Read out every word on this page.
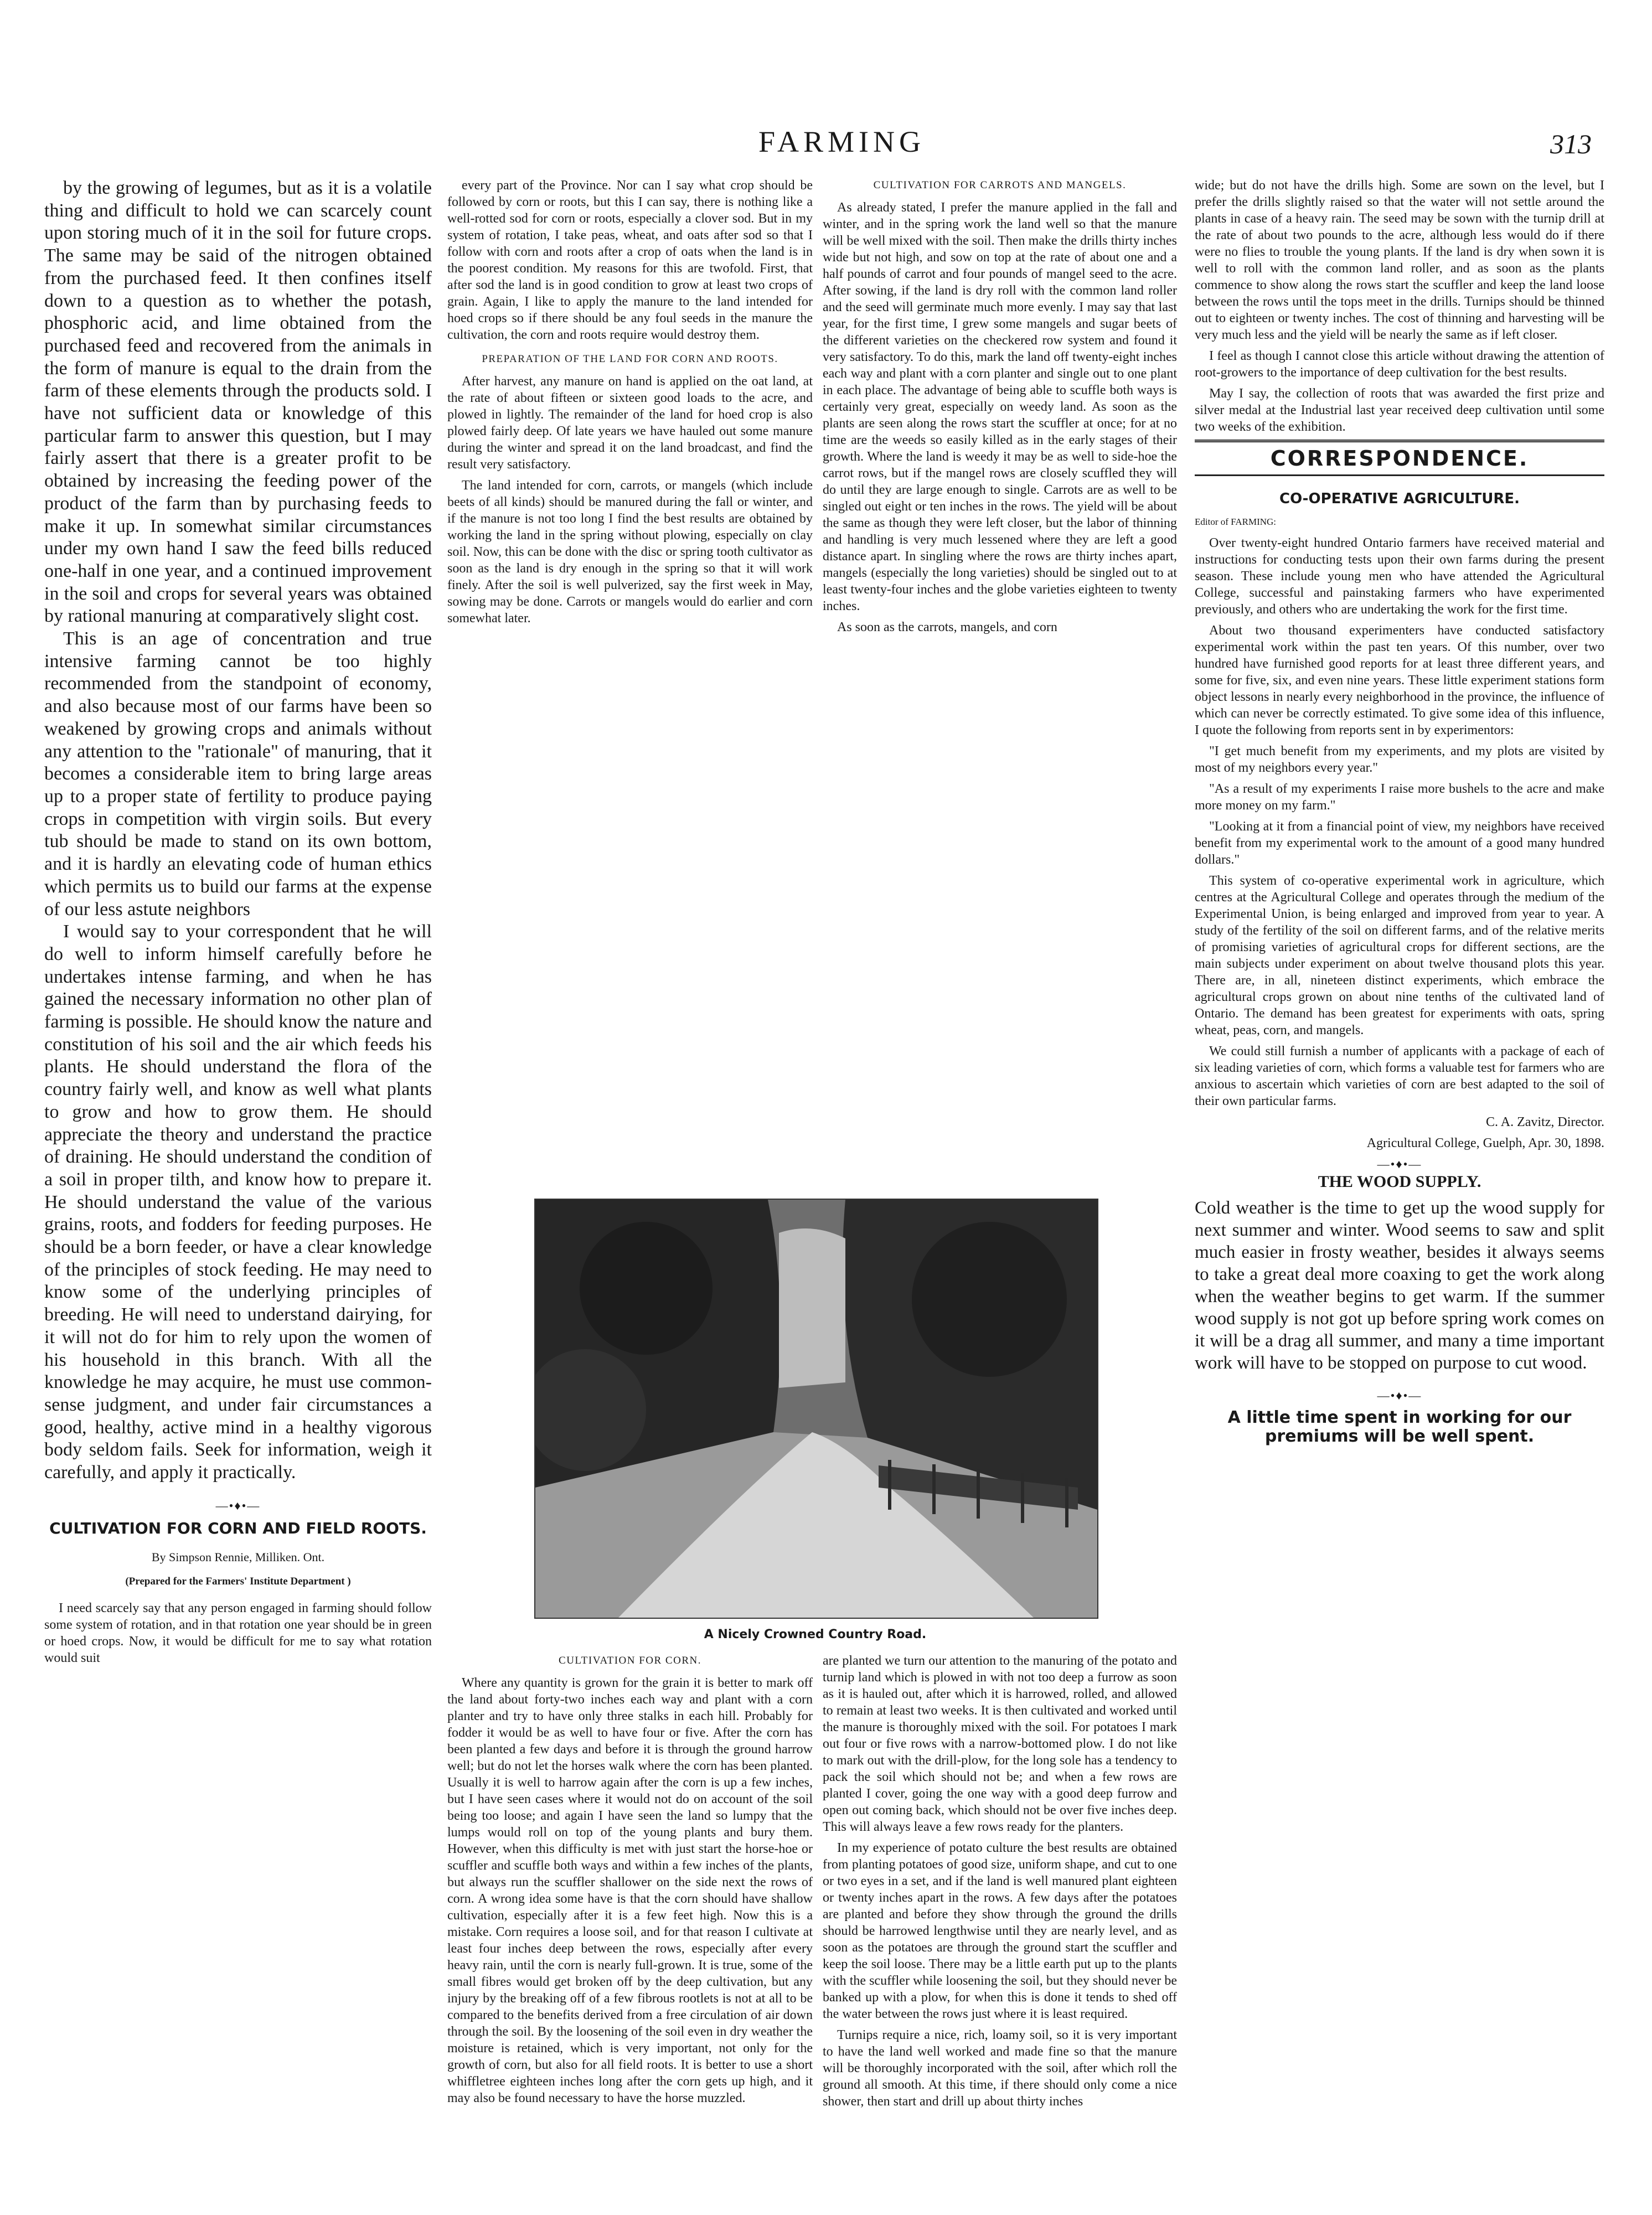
FARMING	313

by the growing of legumes, but as it is a volatile thing and difficult to hold we can scarcely count upon storing much of it in the soil for future crops. The same may be said of the nitrogen obtained from the purchased feed. It then confines itself down to a question as to whether the potash, phosphoric acid, and lime obtained from the purchased feed and recovered from the animals in the form of manure is equal to the drain from the farm of these elements through the products sold. I have not sufficient data or knowledge of this particular farm to answer this question, but I may fairly assert that there is a greater profit to be obtained by increasing the feeding power of the product of the farm than by purchasing feeds to make it up. In somewhat similar circumstances under my own hand I saw the feed bills reduced one-half in one year, and a continued improvement in the soil and crops for several years was obtained by rational manuring at comparatively slight cost.

This is an age of concentration and true intensive farming cannot be too highly recommended from the standpoint of economy, and also because most of our farms have been so weakened by growing crops and animals without any attention to the "rationale" of manuring, that it becomes a considerable item to bring large areas up to a proper state of fertility to produce paying crops in competition with virgin soils. But every tub should be made to stand on its own bottom, and it is hardly an elevating code of human ethics which permits us to build our farms at the expense of our less astute neighbors

I would say to your correspondent that he will do well to inform himself carefully before he undertakes intense farming, and when he has gained the necessary information no other plan of farming is possible. He should know the nature and constitution of his soil and the air which feeds his plants. He should understand the flora of the country fairly well, and know as well what plants to grow and how to grow them. He should appreciate the theory and understand the practice of draining. He should understand the condition of a soil in proper tilth, and know how to prepare it. He should understand the value of the various grains, roots, and fodders for feeding purposes. He should be a born feeder, or have a clear knowledge of the principles of stock feeding. He may need to know some of the underlying principles of breeding. He will need to understand dairying, for it will not do for him to rely upon the women of his household in this branch. With all the knowledge he may acquire, he must use common-sense judgment, and under fair circumstances a good, healthy, active mind in a healthy vigorous body seldom fails. Seek for information, weigh it carefully, and apply it practically.

—•♦•—
CULTIVATION FOR CORN AND FIELD ROOTS.
By Simpson Rennie, Milliken. Ont.
(Prepared for the Farmers' Institute Department )
I need scarcely say that any person engaged in farming should follow some system of rotation, and in that rotation one year should be in green or hoed crops. Now, it would be difficult for me to say what rotation would suit

every part of the Province. Nor can I say what crop should be followed by corn or roots, but this I can say, there is nothing like a well-rotted sod for corn or roots, especially a clover sod. But in my system of rotation, I take peas, wheat, and oats after sod so that I follow with corn and roots after a crop of oats when the land is in the poorest condition. My reasons for this are twofold. First, that after sod the land is in good condition to grow at least two crops of grain. Again, I like to apply the manure to the land intended for hoed crops so if there should be any foul seeds in the manure the cultivation, the corn and roots require would destroy them.

PREPARATION OF THE LAND FOR CORN AND ROOTS.

After harvest, any manure on hand is applied on the oat land, at the rate of about fifteen or sixteen good loads to the acre, and plowed in lightly. The remainder of the land for hoed crop is also plowed fairly deep. Of late years we have hauled out some manure during the winter and spread it on the land broadcast, and find the result very satisfactory.

The land intended for corn, carrots, or mangels (which include beets of all kinds) should be manured during the fall or winter, and if the manure is not too long I find the best results are obtained by working the land in the spring without plowing, especially on clay soil. Now, this can be done with the disc or spring tooth cultivator as soon as the land is dry enough in the spring so that it will work finely. After the soil is well pulverized, say the first week in May, sowing may be done. Carrots or mangels would do earlier and corn somewhat later.

CULTIVATION FOR CARROTS AND MANGELS.

As already stated, I prefer the manure applied in the fall and winter, and in the spring work the land well so that the manure will be well mixed with the soil. Then make the drills thirty inches wide but not high, and sow on top at the rate of about one and a half pounds of carrot and four pounds of mangel seed to the acre. After sowing, if the land is dry roll with the common land roller and the seed will germinate much more evenly. I may say that last year, for the first time, I grew some mangels and sugar beets of the different varieties on the checkered row system and found it very satisfactory. To do this, mark the land off twenty-eight inches each way and plant with a corn planter and single out to one plant in each place. The advantage of being able to scuffle both ways is certainly very great, especially on weedy land. As soon as the plants are seen along the rows start the scuffler at once; for at no time are the weeds so easily killed as in the early stages of their growth. Where the land is weedy it may be as well to side-hoe the carrot rows, but if the mangel rows are closely scuffled they will do until they are large enough to single. Carrots are as well to be singled out eight or ten inches in the rows. The yield will be about the same as though they were left closer, but the labor of thinning and handling is very much lessened where they are left a good distance apart. In singling where the rows are thirty inches apart, mangels (especially the long varieties) should be singled out to at least twenty-four inches and the globe varieties eighteen to twenty inches.

As soon as the carrots, mangels, and corn

A Nicely Crowned Country Road.
CULTIVATION FOR CORN.

Where any quantity is grown for the grain it is better to mark off the land about forty-two inches each way and plant with a corn planter and try to have only three stalks in each hill. Probably for fodder it would be as well to have four or five. After the corn has been planted a few days and before it is through the ground harrow well; but do not let the horses walk where the corn has been planted. Usually it is well to harrow again after the corn is up a few inches, but I have seen cases where it would not do on account of the soil being too loose; and again I have seen the land so lumpy that the lumps would roll on top of the young plants and bury them. However, when this difficulty is met with just start the horse-hoe or scuffler and scuffle both ways and within a few inches of the plants, but always run the scuffler shallower on the side next the rows of corn. A wrong idea some have is that the corn should have shallow cultivation, especially after it is a few feet high. Now this is a mistake. Corn requires a loose soil, and for that reason I cultivate at least four inches deep between the rows, especially after every heavy rain, until the corn is nearly full-grown. It is true, some of the small fibres would get broken off by the deep cultivation, but any injury by the breaking off of a few fibrous rootlets is not at all to be compared to the benefits derived from a free circulation of air down through the soil. By the loosening of the soil even in dry weather the moisture is retained, which is very important, not only for the growth of corn, but also for all field roots. It is better to use a short whiffletree eighteen inches long after the corn gets up high, and it may also be found necessary to have the horse muzzled.

are planted we turn our attention to the manuring of the potato and turnip land which is plowed in with not too deep a furrow as soon as it is hauled out, after which it is harrowed, rolled, and allowed to remain at least two weeks. It is then cultivated and worked until the manure is thoroughly mixed with the soil. For potatoes I mark out four or five rows with a narrow-bottomed plow. I do not like to mark out with the drill-plow, for the long sole has a tendency to pack the soil which should not be; and when a few rows are planted I cover, going the one way with a good deep furrow and open out coming back, which should not be over five inches deep. This will always leave a few rows ready for the planters.

In my experience of potato culture the best results are obtained from planting potatoes of good size, uniform shape, and cut to one or two eyes in a set, and if the land is well manured plant eighteen or twenty inches apart in the rows. A few days after the potatoes are planted and before they show through the ground the drills should be harrowed lengthwise until they are nearly level, and as soon as the potatoes are through the ground start the scuffler and keep the soil loose. There may be a little earth put up to the plants with the scuffler while loosening the soil, but they should never be banked up with a plow, for when this is done it tends to shed off the water between the rows just where it is least required.

Turnips require a nice, rich, loamy soil, so it is very important to have the land well worked and made fine so that the manure will be thoroughly incorporated with the soil, after which roll the ground all smooth. At this time, if there should only come a nice shower, then start and drill up about thirty inches

wide; but do not have the drills high. Some are sown on the level, but I prefer the drills slightly raised so that the water will not settle around the plants in case of a heavy rain. The seed may be sown with the turnip drill at the rate of about two pounds to the acre, although less would do if there were no flies to trouble the young plants. If the land is dry when sown it is well to roll with the common land roller, and as soon as the plants commence to show along the rows start the scuffler and keep the land loose between the rows until the tops meet in the drills. Turnips should be thinned out to eighteen or twenty inches. The cost of thinning and harvesting will be very much less and the yield will be nearly the same as if left closer.

I feel as though I cannot close this article without drawing the attention of root-growers to the importance of deep cultivation for the best results.

May I say, the collection of roots that was awarded the first prize and silver medal at the Industrial last year received deep cultivation until some two weeks of the exhibition.

CORRESPONDENCE.
CO-OPERATIVE AGRICULTURE.

Editor of FARMING:

Over twenty-eight hundred Ontario farmers have received material and instructions for conducting tests upon their own farms during the present season. These include young men who have attended the Agricultural College, successful and painstaking farmers who have experimented previously, and others who are undertaking the work for the first time.

About two thousand experimenters have conducted satisfactory experimental work within the past ten years. Of this number, over two hundred have furnished good reports for at least three different years, and some for five, six, and even nine years. These little experiment stations form object lessons in nearly every neighborhood in the province, the influence of which can never be correctly estimated. To give some idea of this influence, I quote the following from reports sent in by experimentors:

"I get much benefit from my experiments, and my plots are visited by most of my neighbors every year."

"As a result of my experiments I raise more bushels to the acre and make more money on my farm."

"Looking at it from a financial point of view, my neighbors have received benefit from my experimental work to the amount of a good many hundred dollars."

This system of co-operative experimental work in agriculture, which centres at the Agricultural College and operates through the medium of the Experimental Union, is being enlarged and improved from year to year. A study of the fertility of the soil on different farms, and of the relative merits of promising varieties of agricultural crops for different sections, are the main subjects under experiment on about twelve thousand plots this year. There are, in all, nineteen distinct experiments, which embrace the agricultural crops grown on about nine tenths of the cultivated land of Ontario. The demand has been greatest for experiments with oats, spring wheat, peas, corn, and mangels.

We could still furnish a number of applicants with a package of each of six leading varieties of corn, which forms a valuable test for farmers who are anxious to ascertain which varieties of corn are best adapted to the soil of their own particular farms.

C. A. Zavitz, Director.

Agricultural College, Guelph, Apr. 30, 1898.

—•♦•—
THE WOOD SUPPLY.
Cold weather is the time to get up the wood supply for next summer and winter. Wood seems to saw and split much easier in frosty weather, besides it always seems to take a great deal more coaxing to get the work along when the weather begins to get warm. If the summer wood supply is not got up before spring work comes on it will be a drag all summer, and many a time important work will have to be stopped on purpose to cut wood.
—•♦•—
A little time spent in working for our premiums will be well spent.
